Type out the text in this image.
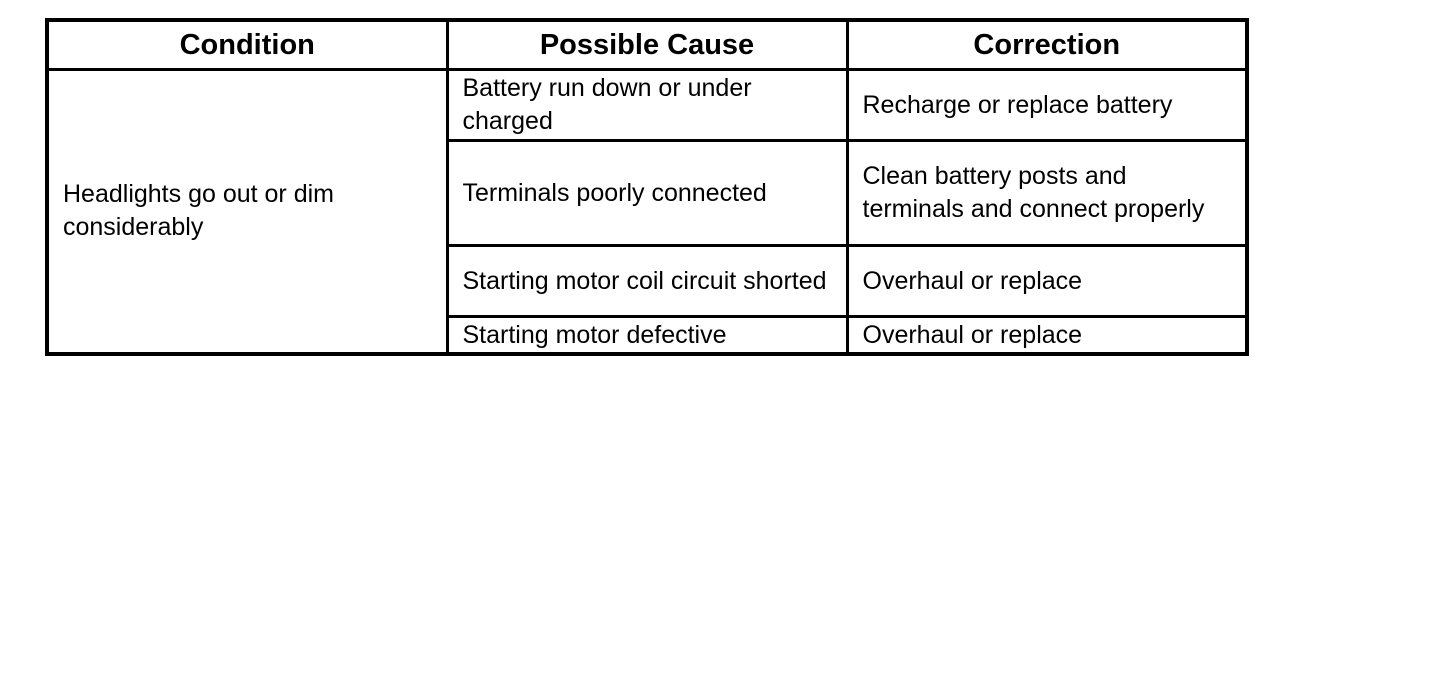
Condition	Possible Cause	Correction
Headlights go out or dim considerably	Battery run down or under charged	Recharge or replace battery
	Terminals poorly connected	Clean battery posts and terminals and connect properly
	Starting motor coil circuit shorted	Overhaul or replace
	Starting motor defective	Overhaul or replace
